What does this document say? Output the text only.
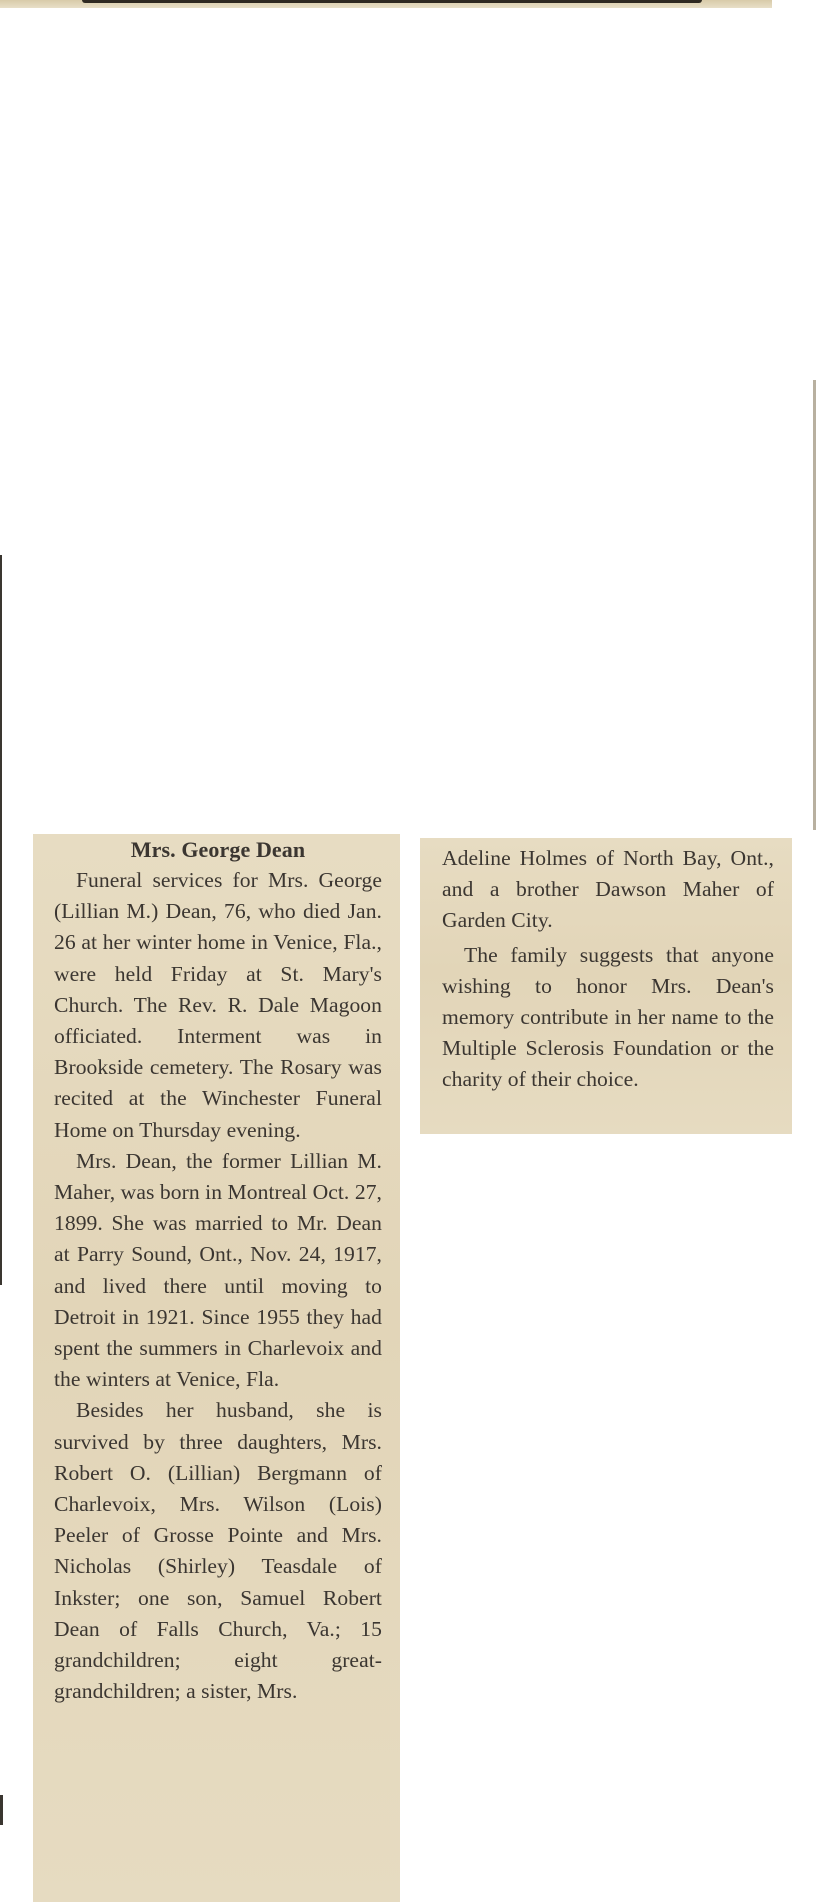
Mrs. George Dean

Funeral services for Mrs. George (Lillian M.) Dean, 76, who died Jan. 26 at her winter home in Venice, Fla., were held Friday at St. Mary's Church. The Rev. R. Dale Magoon officiated. Interment was in Brookside cemetery. The Rosary was recited at the Winchester Funeral Home on Thursday evening.

Mrs. Dean, the former Lillian M. Maher, was born in Montreal Oct. 27, 1899. She was married to Mr. Dean at Parry Sound, Ont., Nov. 24, 1917, and lived there until moving to Detroit in 1921. Since 1955 they had spent the summers in Charlevoix and the winters at Venice, Fla.

Besides her husband, she is survived by three daughters, Mrs. Robert O. (Lillian) Bergmann of Charlevoix, Mrs. Wilson (Lois) Peeler of Grosse Pointe and Mrs. Nicholas (Shirley) Teasdale of Inkster; one son, Samuel Robert Dean of Falls Church, Va.; 15 grandchildren; eight great-grandchildren; a sister, Mrs.

Adeline Holmes of North Bay, Ont., and a brother Dawson Maher of Garden City.

The family suggests that anyone wishing to honor Mrs. Dean's memory contribute in her name to the Multiple Sclerosis Foundation or the charity of their choice.
